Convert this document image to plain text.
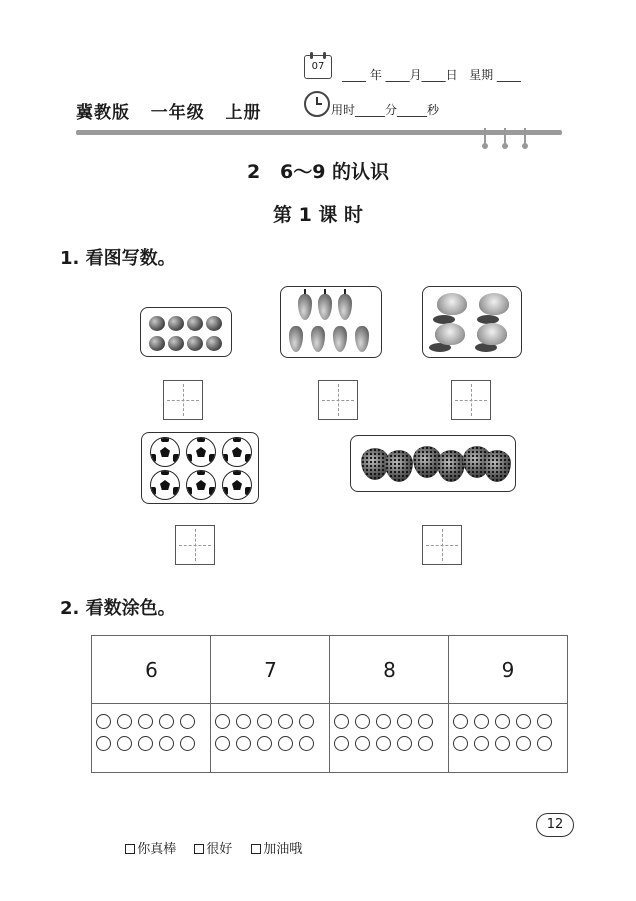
07
____ 年 ____月____日   星期 ____
冀教版   一年级   上册	用时_____分_____秒
2   6～9 的认识
第 1 课 时
1. 看图写数。
2. 看数涂色。
6	7	8	9

你真棒	很好	加油哦

12
